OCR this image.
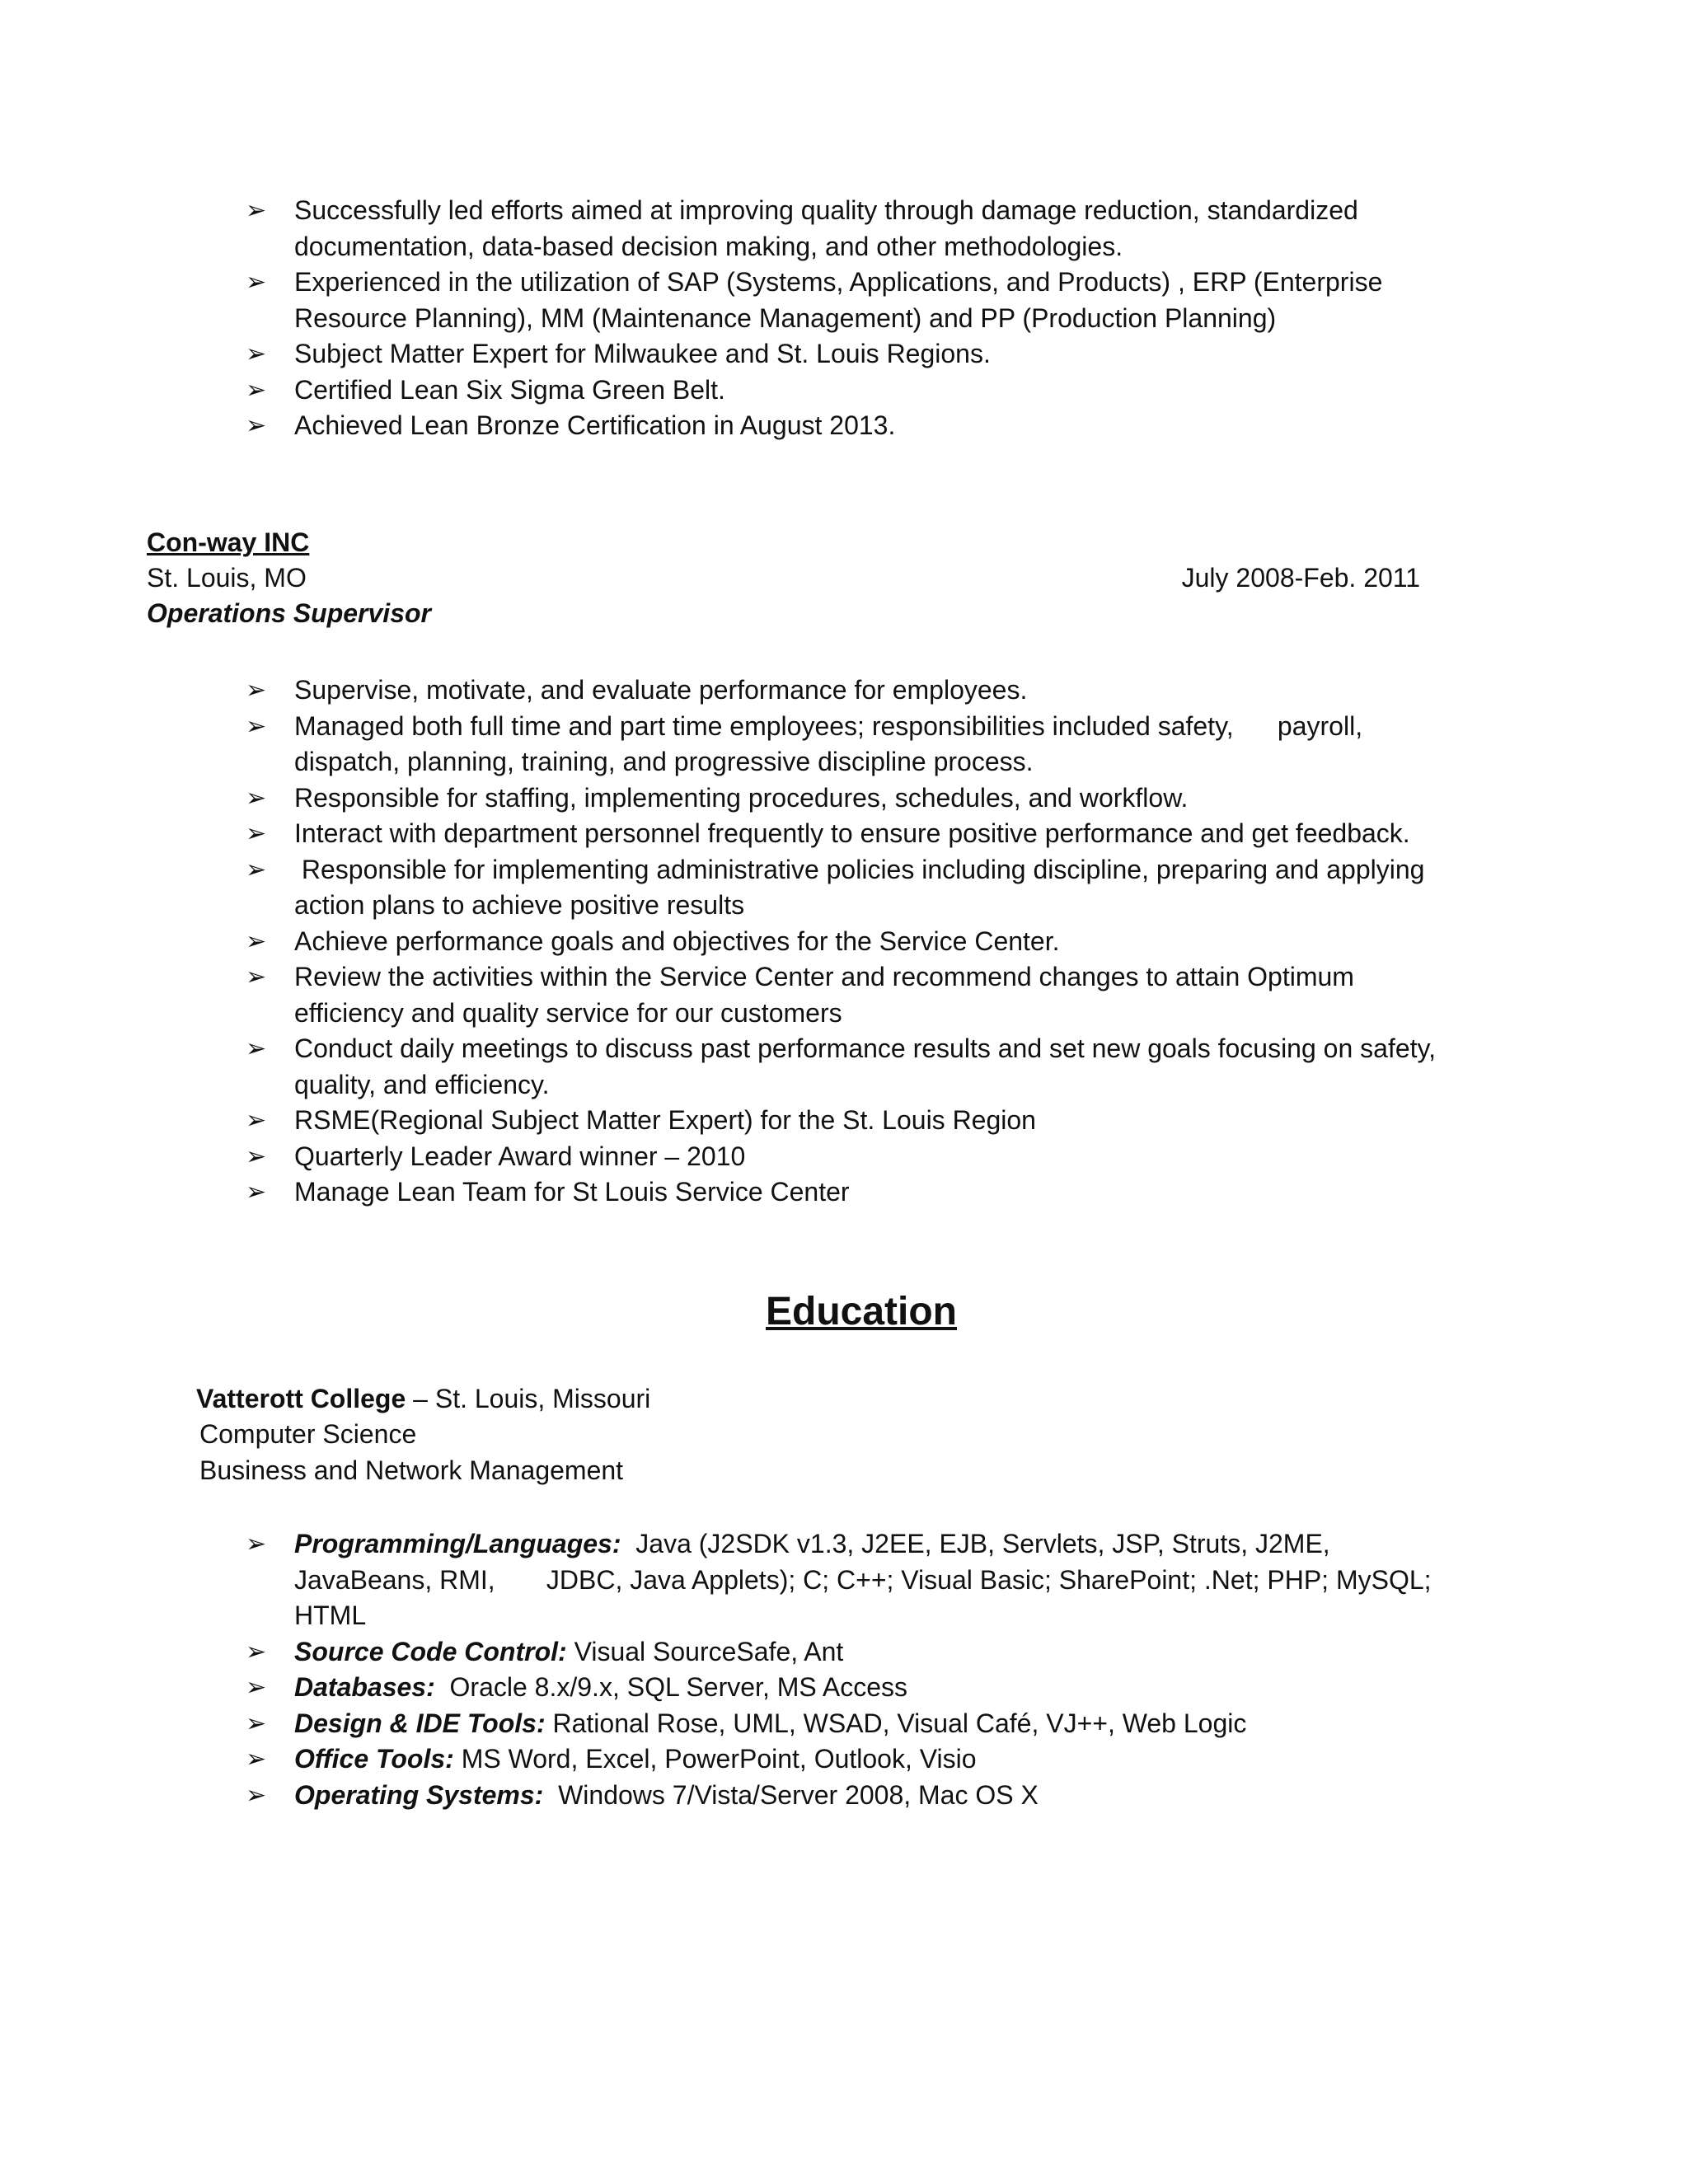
➢ Successfully led efforts aimed at improving quality through damage reduction, standardized documentation, data-based decision making, and other methodologies.
➢ Experienced in the utilization of SAP (Systems, Applications, and Products) , ERP (Enterprise Resource Planning), MM (Maintenance Management) and PP (Production Planning)
➢ Subject Matter Expert for Milwaukee and St. Louis Regions.
➢ Certified Lean Six Sigma Green Belt.
➢ Achieved Lean Bronze Certification in August 2013.
Con-way INC
St. Louis, MO	July 2008-Feb. 2011
Operations Supervisor
➢ Supervise, motivate, and evaluate performance for employees.
➢ Managed both full time and part time employees; responsibilities included safety,      payroll, dispatch, planning, training, and progressive discipline process.
➢ Responsible for staffing, implementing procedures, schedules, and workflow.
➢ Interact with department personnel frequently to ensure positive performance and get feedback.
➢ Responsible for implementing administrative policies including discipline, preparing and applying action plans to achieve positive results
➢ Achieve performance goals and objectives for the Service Center.
➢ Review the activities within the Service Center and recommend changes to attain Optimum efficiency and quality service for our customers
➢ Conduct daily meetings to discuss past performance results and set new goals focusing on safety, quality, and efficiency.
➢ RSME(Regional Subject Matter Expert) for the St. Louis Region
➢ Quarterly Leader Award winner – 2010
➢ Manage Lean Team for St Louis Service Center
Education
Vatterott College – St. Louis, Missouri
Computer Science
Business and Network Management
➢ Programming/Languages:  Java (J2SDK v1.3, J2EE, EJB, Servlets, JSP, Struts, J2ME, JavaBeans, RMI,       JDBC, Java Applets); C; C++; Visual Basic; SharePoint; .Net; PHP; MySQL; HTML
➢ Source Code Control: Visual SourceSafe, Ant
➢ Databases:  Oracle 8.x/9.x, SQL Server, MS Access
➢ Design & IDE Tools: Rational Rose, UML, WSAD, Visual Café, VJ++, Web Logic
➢ Office Tools: MS Word, Excel, PowerPoint, Outlook, Visio
➢ Operating Systems:  Windows 7/Vista/Server 2008, Mac OS X
